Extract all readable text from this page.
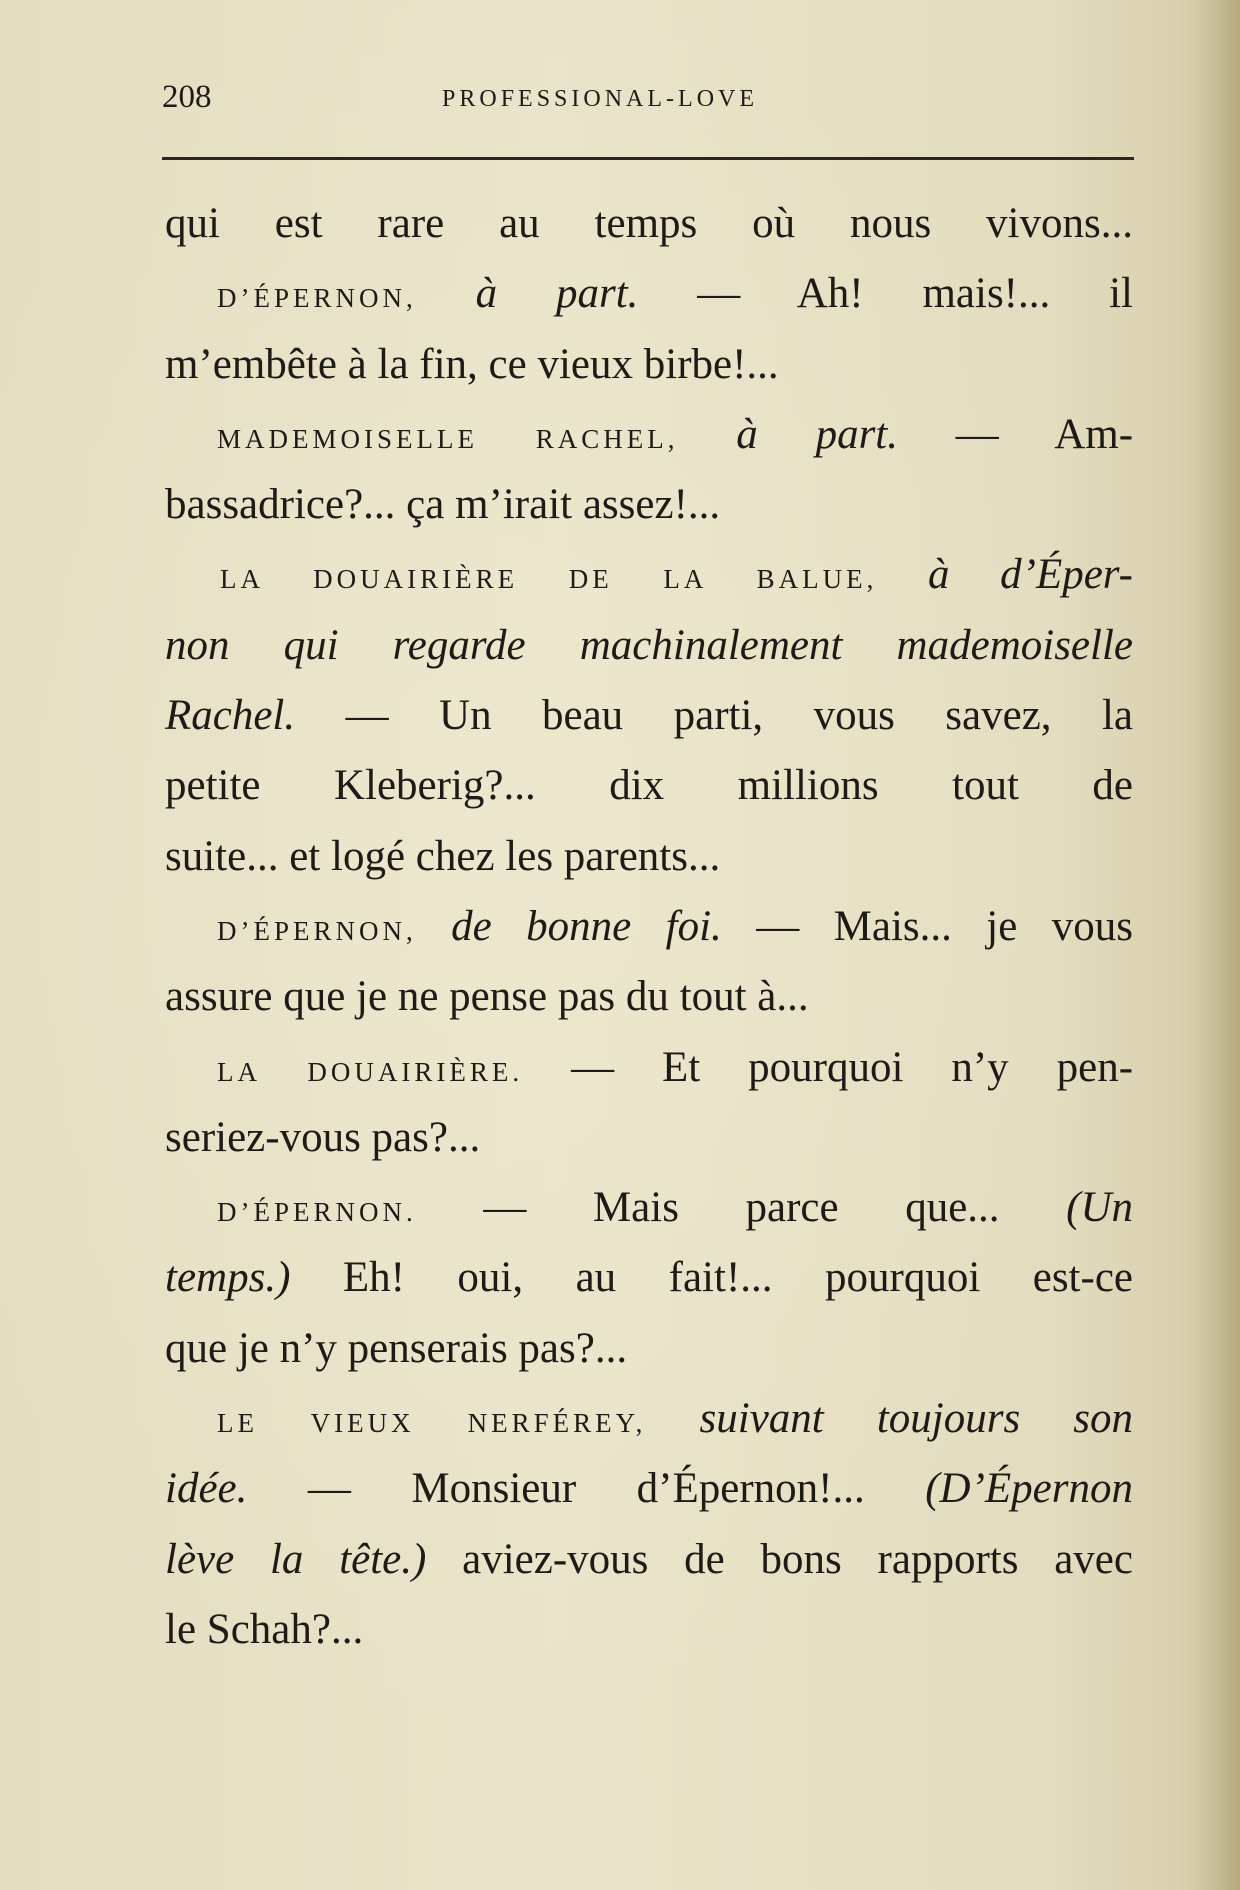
208	PROFESSIONAL-LOVE
qui est rare au temps où nous vivons...
D’ÉPERNON, à part. — Ah! mais!... il
m’embête à la fin, ce vieux birbe!...
MADEMOISELLE RACHEL, à part. — Am-
bassadrice?... ça m’irait assez!...
LA DOUAIRIÈRE DE LA BALUE, à d’Éper-
non qui regarde machinalement mademoiselle
Rachel. — Un beau parti, vous savez, la
petite Kleberig?... dix millions tout de
suite... et logé chez les parents...
D’ÉPERNON, de bonne foi. — Mais... je vous
assure que je ne pense pas du tout à...
LA DOUAIRIÈRE. — Et pourquoi n’y pen-
seriez-vous pas?...
D’ÉPERNON. — Mais parce que... (Un
temps.) Eh! oui, au fait!... pourquoi est-ce
que je n’y penserais pas?...
LE VIEUX NERFÉREY, suivant toujours son
idée. — Monsieur d’Épernon!... (D’Épernon
lève la tête.) aviez-vous de bons rapports avec
le Schah?...
